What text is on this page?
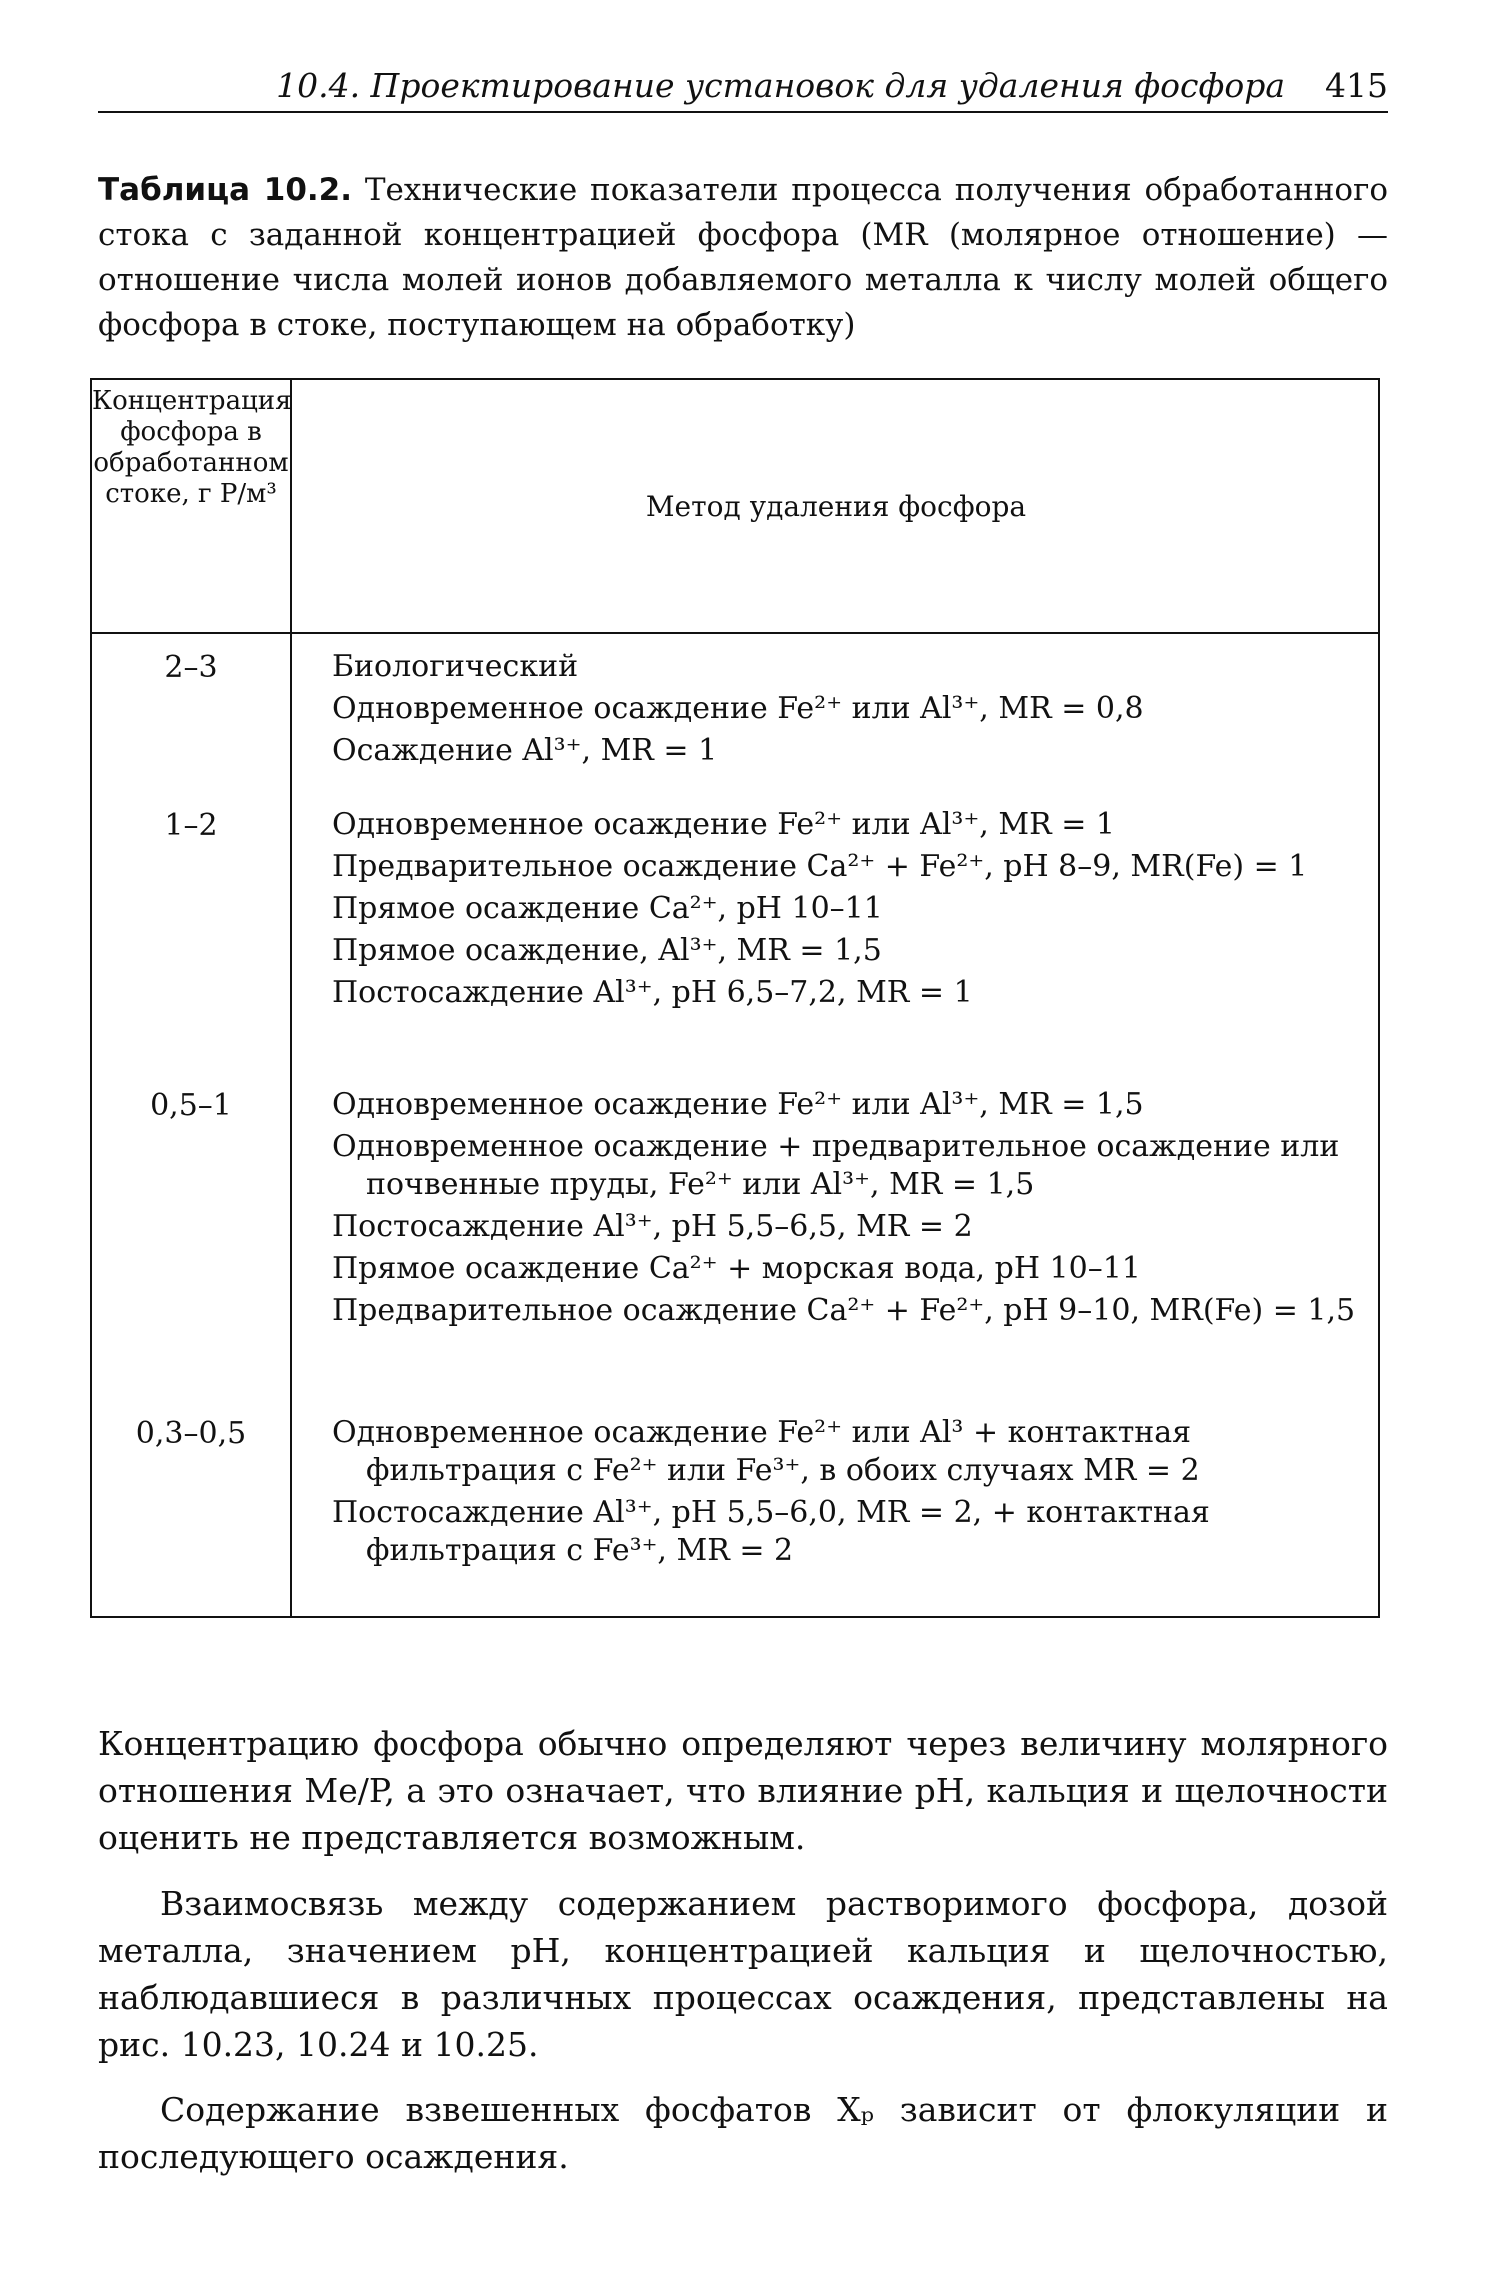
10.4. Проектирование установок для удаления фосфора 415
Таблица 10.2. Технические показатели процесса получения обработанного стока с заданной концентрацией фосфора (MR (молярное отношение) — отношение числа молей ионов добавляемого металла к числу молей общего фосфора в стоке, поступающем на обработку)
Концентрация фосфора в обработанном стоке, г P/м³	Метод удаления фосфора
2–3	Биологический
Одновременное осаждение Fe²⁺ или Al³⁺, MR = 0,8
Осаждение Al³⁺, MR = 1
1–2	Одновременное осаждение Fe²⁺ или Al³⁺, MR = 1
Предварительное осаждение Ca²⁺ + Fe²⁺, pH 8–9, MR(Fe) = 1
Прямое осаждение Ca²⁺, pH 10–11
Прямое осаждение, Al³⁺, MR = 1,5
Постосаждение Al³⁺, pH 6,5–7,2, MR = 1
0,5–1	Одновременное осаждение Fe²⁺ или Al³⁺, MR = 1,5
Одновременное осаждение + предварительное осаждение или почвенные пруды, Fe²⁺ или Al³⁺, MR = 1,5
Постосаждение Al³⁺, pH 5,5–6,5, MR = 2
Прямое осаждение Ca²⁺ + морская вода, pH 10–11
Предварительное осаждение Ca²⁺ + Fe²⁺, pH 9–10, MR(Fe) = 1,5
0,3–0,5	Одновременное осаждение Fe²⁺ или Al³ + контактная фильтрация с Fe²⁺ или Fe³⁺, в обоих случаях MR = 2
Постосаждение Al³⁺, pH 5,5–6,0, MR = 2, + контактная фильтрация с Fe³⁺, MR = 2

Концентрацию фосфора обычно определяют через величину молярного отношения Me/P, а это означает, что влияние pH, кальция и щелочности оценить не представляется возможным.

Взаимосвязь между содержанием растворимого фосфора, дозой металла, значением pH, концентрацией кальция и щелочностью, наблюдавшиеся в различных процессах осаждения, представлены на рис. 10.23, 10.24 и 10.25.

Содержание взвешенных фосфатов Xₚ зависит от флокуляции и последующего осаждения.
